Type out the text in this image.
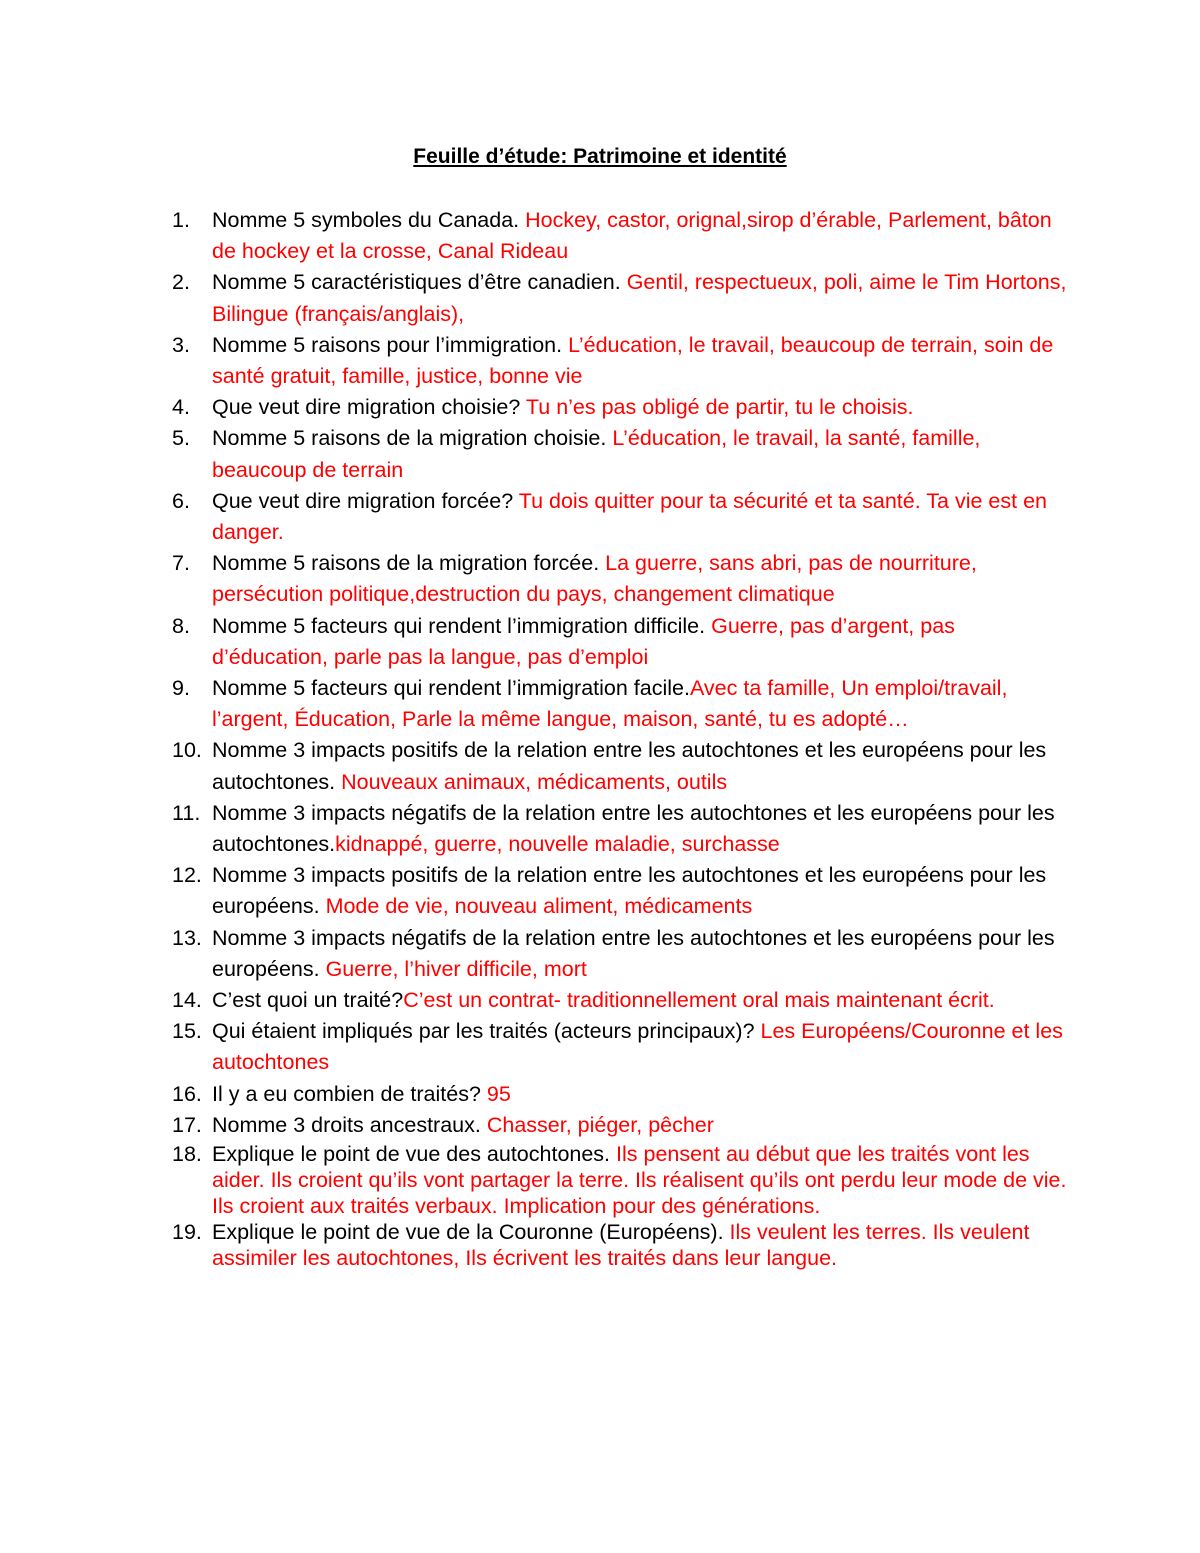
Feuille d’étude: Patrimoine et identité
1.	Nomme 5 symboles du Canada. Hockey, castor, orignal,sirop d’érable, Parlement, bâton de hockey et la crosse, Canal Rideau
2.	Nomme 5 caractéristiques d’être canadien. Gentil, respectueux, poli, aime le Tim Hortons, Bilingue (français/anglais),
3.	Nomme 5 raisons pour l’immigration. L’éducation, le travail, beaucoup de terrain, soin de santé gratuit, famille, justice, bonne vie
4.	Que veut dire migration choisie? Tu n’es pas obligé de partir, tu le choisis.
5.	Nomme 5 raisons de la migration choisie. L’éducation, le travail, la santé, famille, beaucoup de terrain
6.	Que veut dire migration forcée? Tu dois quitter pour ta sécurité et ta santé. Ta vie est en danger.
7.	Nomme 5 raisons de la migration forcée. La guerre, sans abri, pas de nourriture, persécution politique,destruction du pays, changement climatique
8.	Nomme 5 facteurs qui rendent l’immigration difficile. Guerre, pas d’argent, pas d’éducation, parle pas la langue, pas d’emploi
9.	Nomme 5 facteurs qui rendent l’immigration facile.Avec ta famille, Un emploi/travail, l’argent, Éducation, Parle la même langue, maison, santé, tu es adopté…
10. Nomme 3 impacts positifs de la relation entre les autochtones et les européens pour les autochtones. Nouveaux animaux, médicaments, outils
11. Nomme 3 impacts négatifs de la relation entre les autochtones et les européens pour les autochtones.kidnappé, guerre, nouvelle maladie, surchasse
12. Nomme 3 impacts positifs de la relation entre les autochtones et les européens pour les européens. Mode de vie, nouveau aliment, médicaments
13. Nomme 3 impacts négatifs de la relation entre les autochtones et les européens pour les européens. Guerre, l’hiver difficile, mort
14. C’est quoi un traité?C’est un contrat- traditionnellement oral mais maintenant écrit.
15. Qui étaient impliqués par les traités (acteurs principaux)? Les Européens/Couronne et les autochtones
16. Il y a eu combien de traités? 95
17. Nomme 3 droits ancestraux. Chasser, piéger, pêcher
18. Explique le point de vue des autochtones. Ils pensent au début que les traités vont les aider. Ils croient qu’ils vont partager la terre. Ils réalisent qu’ils ont perdu leur mode de vie. Ils croient aux traités verbaux. Implication pour des générations.
19. Explique le point de vue de la Couronne (Européens). Ils veulent les terres. Ils veulent assimiler les autochtones, Ils écrivent les traités dans leur langue.
